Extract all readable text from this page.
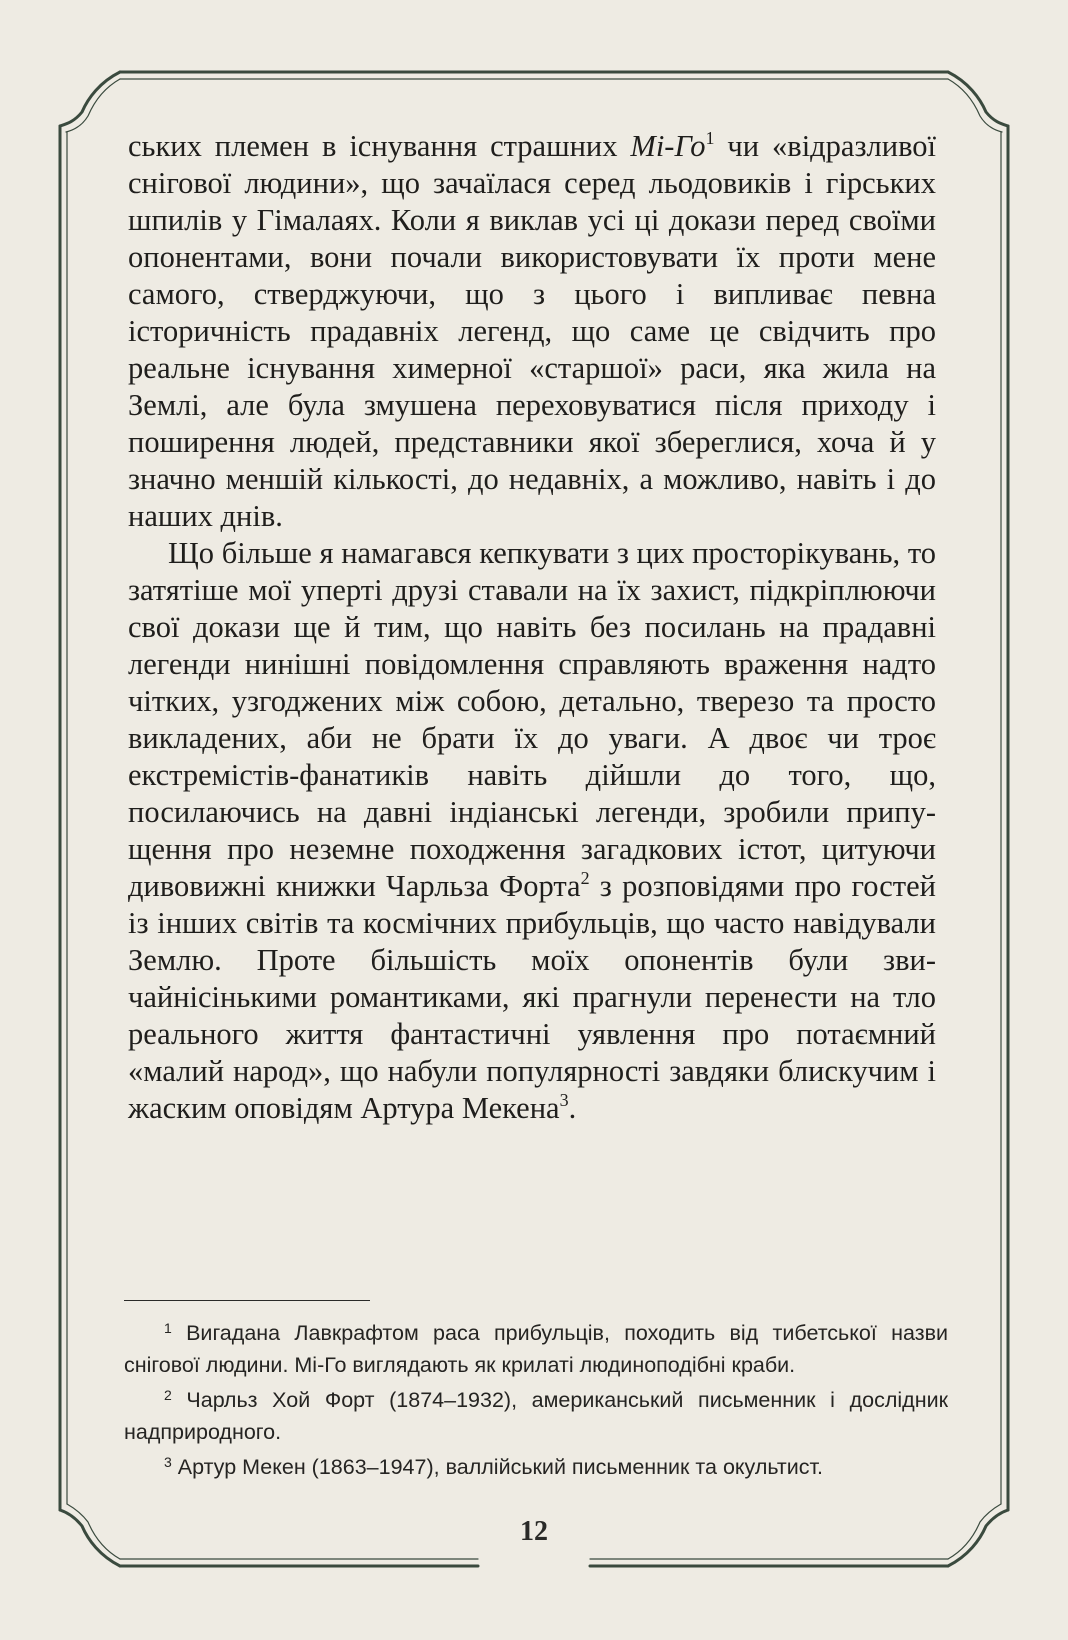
ських племен в існування страшних $Мі-Го^1$ чи «відразливої снігової людини», що зачаїлася серед льодовиків і гірських шпилів у Гімалаях. Коли я виклав усі ці докази перед своїми опонентами, вони почали використовувати їх проти мене самого, стверджуючи, що з цього і випливає певна історичність прадавніх легенд, що саме це свідчить про реальне існування химерної «старшої» раси, яка жила на Землі, але була змушена переховуватися після приходу і поширення людей, представники якої збереглися, хоча й у значно меншій кількості, до недавніх, а можливо, навіть і до наших днів.

Що більше я намагався кепкувати з цих просторікувань, то затятіше мої уперті друзі ставали на їх захист, підкріплюючи свої докази ще й тим, що навіть без посилань на прадавні легенди нинішні повідомлення справляють враження надто чітких, узгоджених між собою, детально, тверезо та просто викладених, аби не брати їх до уваги. А двоє чи троє екстремістів-фанатиків навіть дійшли до того, що, посилаючись на давні індіанські легенди, зробили припущення про неземне походження загадкових істот, цитуючи дивовижні книжки Чарльза Форта$^2$ з розповідями про гостей із інших світів та космічних прибульців, що часто навідували Землю. Проте більшість моїх опонентів були звичайнісінькими романтиками, які прагнули перенести на тло реального життя фантастичні уявлення про потаємний «малий народ», що набули популярності завдяки блискучим і жаским оповідям Артура Мекена$^3$.

$^1$ Вигадана Лавкрафтом раса прибульців, походить від тибетської назви снігової людини. Мі-Го виглядають як крилаті людиноподібні краби.

$^2$ Чарльз Хой Форт (1874–1932), американський письменник і дослідник надприродного.

$^3$ Артур Мекен (1863–1947), валлійський письменник та окультист.

12
